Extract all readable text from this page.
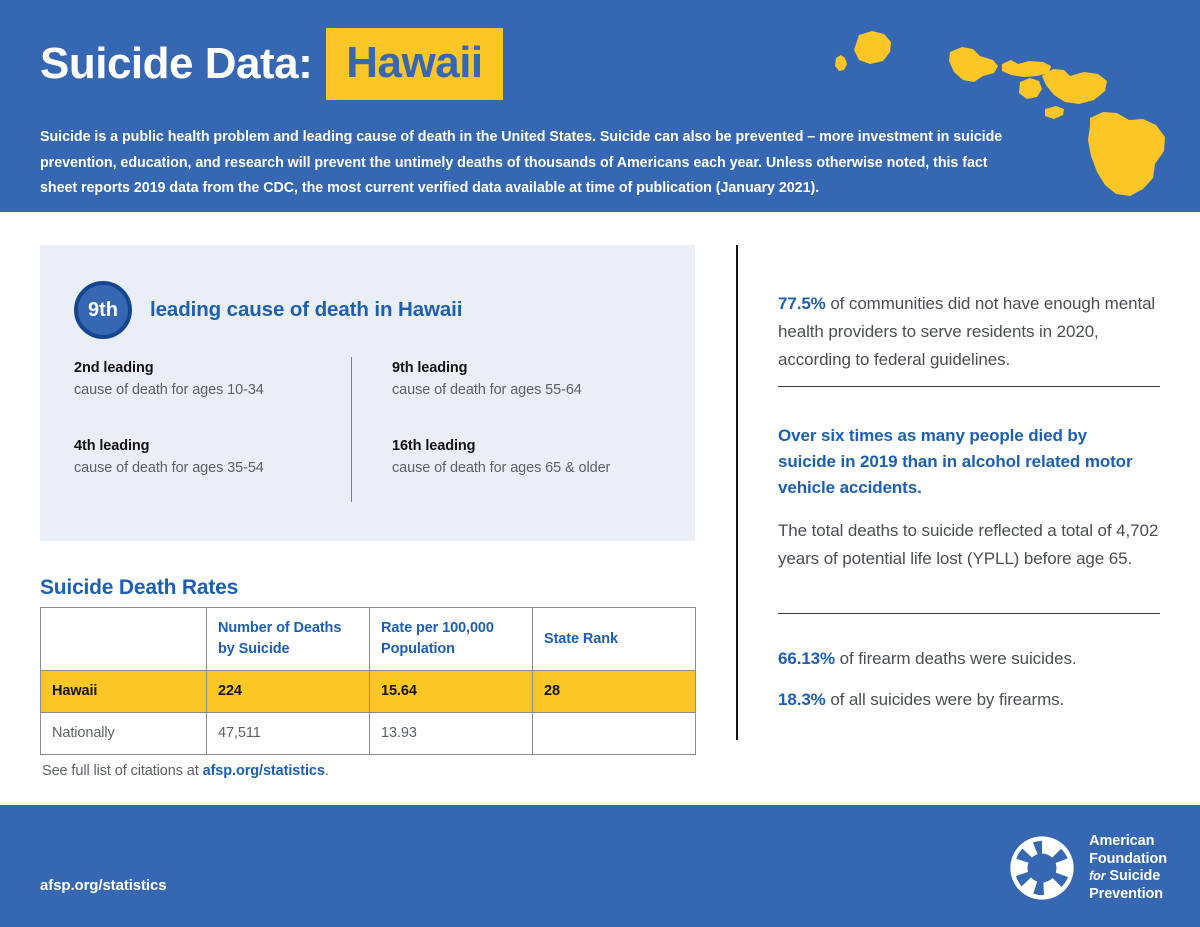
Suicide Data: Hawaii
Suicide is a public health problem and leading cause of death in the United States. Suicide can also be prevented – more investment in suicide prevention, education, and research will prevent the untimely deaths of thousands of Americans each year. Unless otherwise noted, this fact sheet reports 2019 data from the CDC, the most current verified data available at time of publication (January 2021).
9th leading cause of death in Hawaii
2nd leading
cause of death for ages 10-34
4th leading
cause of death for ages 35-54
9th leading
cause of death for ages 55-64
16th leading
cause of death for ages 65 & older
Suicide Death Rates
	Number of Deaths by Suicide	Rate per 100,000 Population	State Rank
Hawaii	224	15.64	28
Nationally	47,511	13.93	
See full list of citations at afsp.org/statistics.
77.5% of communities did not have enough mental health providers to serve residents in 2020, according to federal guidelines.
Over six times as many people died by suicide in 2019 than in alcohol related motor vehicle accidents.
The total deaths to suicide reflected a total of 4,702 years of potential life lost (YPLL) before age 65.
66.13% of firearm deaths were suicides.
18.3% of all suicides were by firearms.
afsp.org/statistics
American
Foundation
for Suicide
Prevention
